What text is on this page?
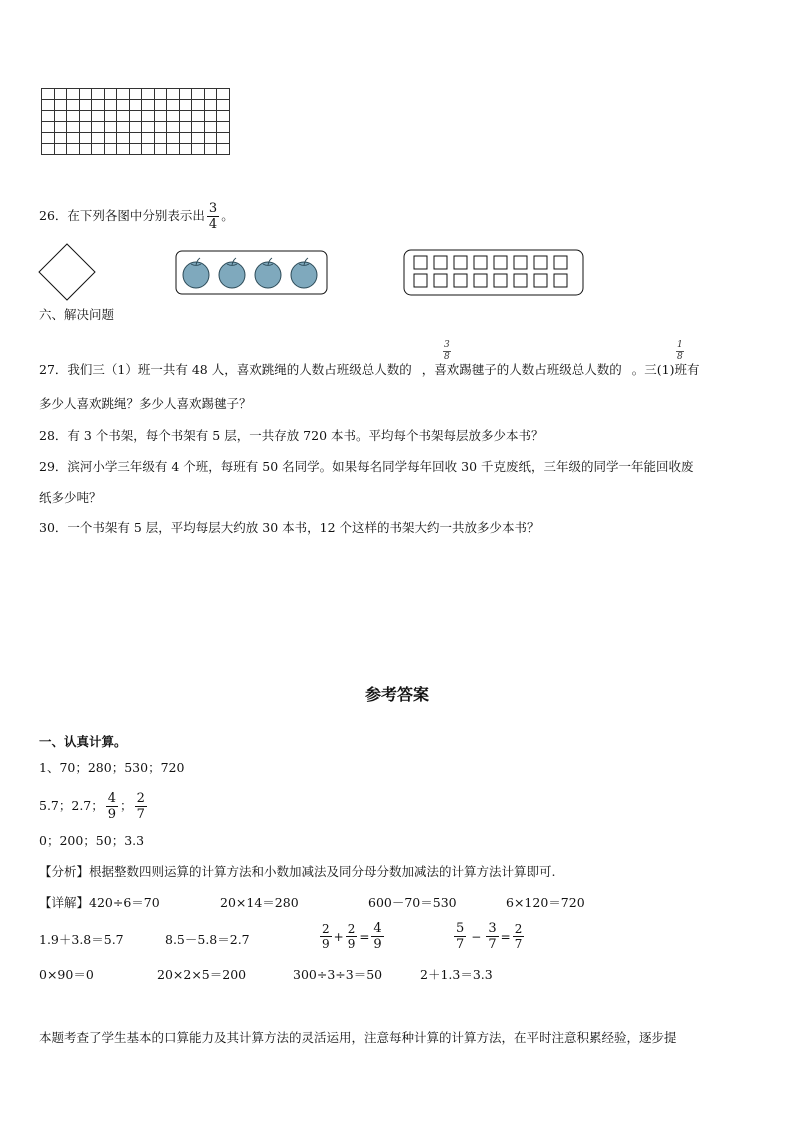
26．在下列各图中分别表示出 $\frac{3}{4}$ 。
六、解决问题
27．我们三（1）班一共有 48 人，喜欢跳绳的人数占班级总人数的 ，喜欢踢毽子的人数占班级总人数的 。三(1)班有
$\frac{3}{8}$	$\frac{1}{8}$
多少人喜欢跳绳？多少人喜欢踢毽子？
28．有 3 个书架，每个书架有 5 层，一共存放 720 本书。平均每个书架每层放多少本书？
29．滨河小学三年级有 4 个班，每班有 50 名同学。如果每名同学每年回收 30 千克废纸，三年级的同学一年能回收废
纸多少吨？
30．一个书架有 5 层，平均每层大约放 30 本书，12 个这样的书架大约一共放多少本书？
参考答案
一、认真计算。
1、70；280；530；720
5.7；2.7； $\frac{4}{9}$ ； $\frac{2}{7}$
0；200；50；3.3
【分析】根据整数四则运算的计算方法和小数加减法及同分母分数加减法的计算方法计算即可.
【详解】420÷6＝70	20×14＝280	600－70＝530	6×120＝720
1.9＋3.8＝5.7	8.5－5.8＝2.7	$\frac{2}{9} + \frac{2}{9} = \frac{4}{9}$	$\frac{5}{7} - \frac{3}{7} = \frac{2}{7}$
0×90＝0	20×2×5＝200	300÷3÷3＝50	2＋1.3＝3.3
本题考查了学生基本的口算能力及其计算方法的灵活运用，注意每种计算的计算方法，在平时注意积累经验，逐步提
